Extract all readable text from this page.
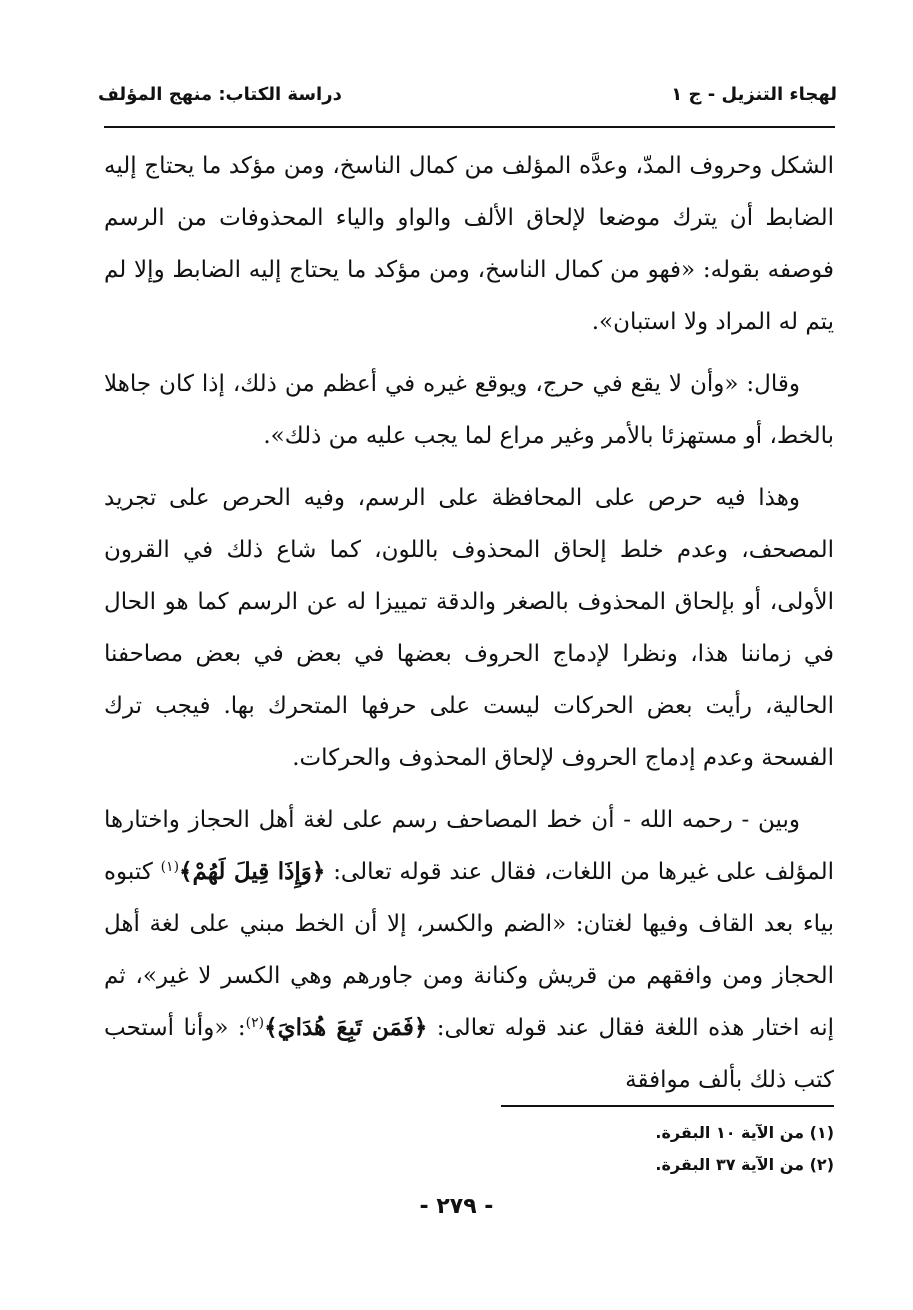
لهجاء التنزيل - ج ١
دراسة الكتاب: منهج المؤلف

الشكل وحروف المدّ، وعدَّه المؤلف من كمال الناسخ، ومن مؤكد ما يحتاج إليه الضابط أن يترك موضعا لإلحاق الألف والواو والياء المحذوفات من الرسم فوصفه بقوله: «فهو من كمال الناسخ، ومن مؤكد ما يحتاج إليه الضابط وإلا لم يتم له المراد ولا استبان».

وقال: «وأن لا يقع في حرج، ويوقع غيره في أعظم من ذلك، إذا كان جاهلا بالخط، أو مستهزئا بالأمر وغير مراع لما يجب عليه من ذلك».

وهذا فيه حرص على المحافظة على الرسم، وفيه الحرص على تجريد المصحف، وعدم خلط إلحاق المحذوف باللون، كما شاع ذلك في القرون الأولى، أو بإلحاق المحذوف بالصغر والدقة تمييزا له عن الرسم كما هو الحال في زماننا هذا، ونظرا لإدماج الحروف بعضها في بعض في بعض مصاحفنا الحالية، رأيت بعض الحركات ليست على حرفها المتحرك بها. فيجب ترك الفسحة وعدم إدماج الحروف لإلحاق المحذوف والحركات.

وبين - رحمه الله - أن خط المصاحف رسم على لغة أهل الحجاز واختارها المؤلف على غيرها من اللغات، فقال عند قوله تعالى: ﴿وَإِذَا قِيلَ لَهُمْ﴾$^{(١)}$ كتبوه بياء بعد القاف وفيها لغتان: «الضم والكسر، إلا أن الخط مبني على لغة أهل الحجاز ومن وافقهم من قريش وكنانة ومن جاورهم وهي الكسر لا غير»، ثم إنه اختار هذه اللغة فقال عند قوله تعالى: ﴿فَمَن تَبِعَ هُدَايَ﴾$^{(٢)}$: «وأنا أستحب كتب ذلك بألف موافقة

(١) من الآية ١٠ البقرة.
(٢) من الآية ٣٧ البقرة.
- ٢٧٩ -
